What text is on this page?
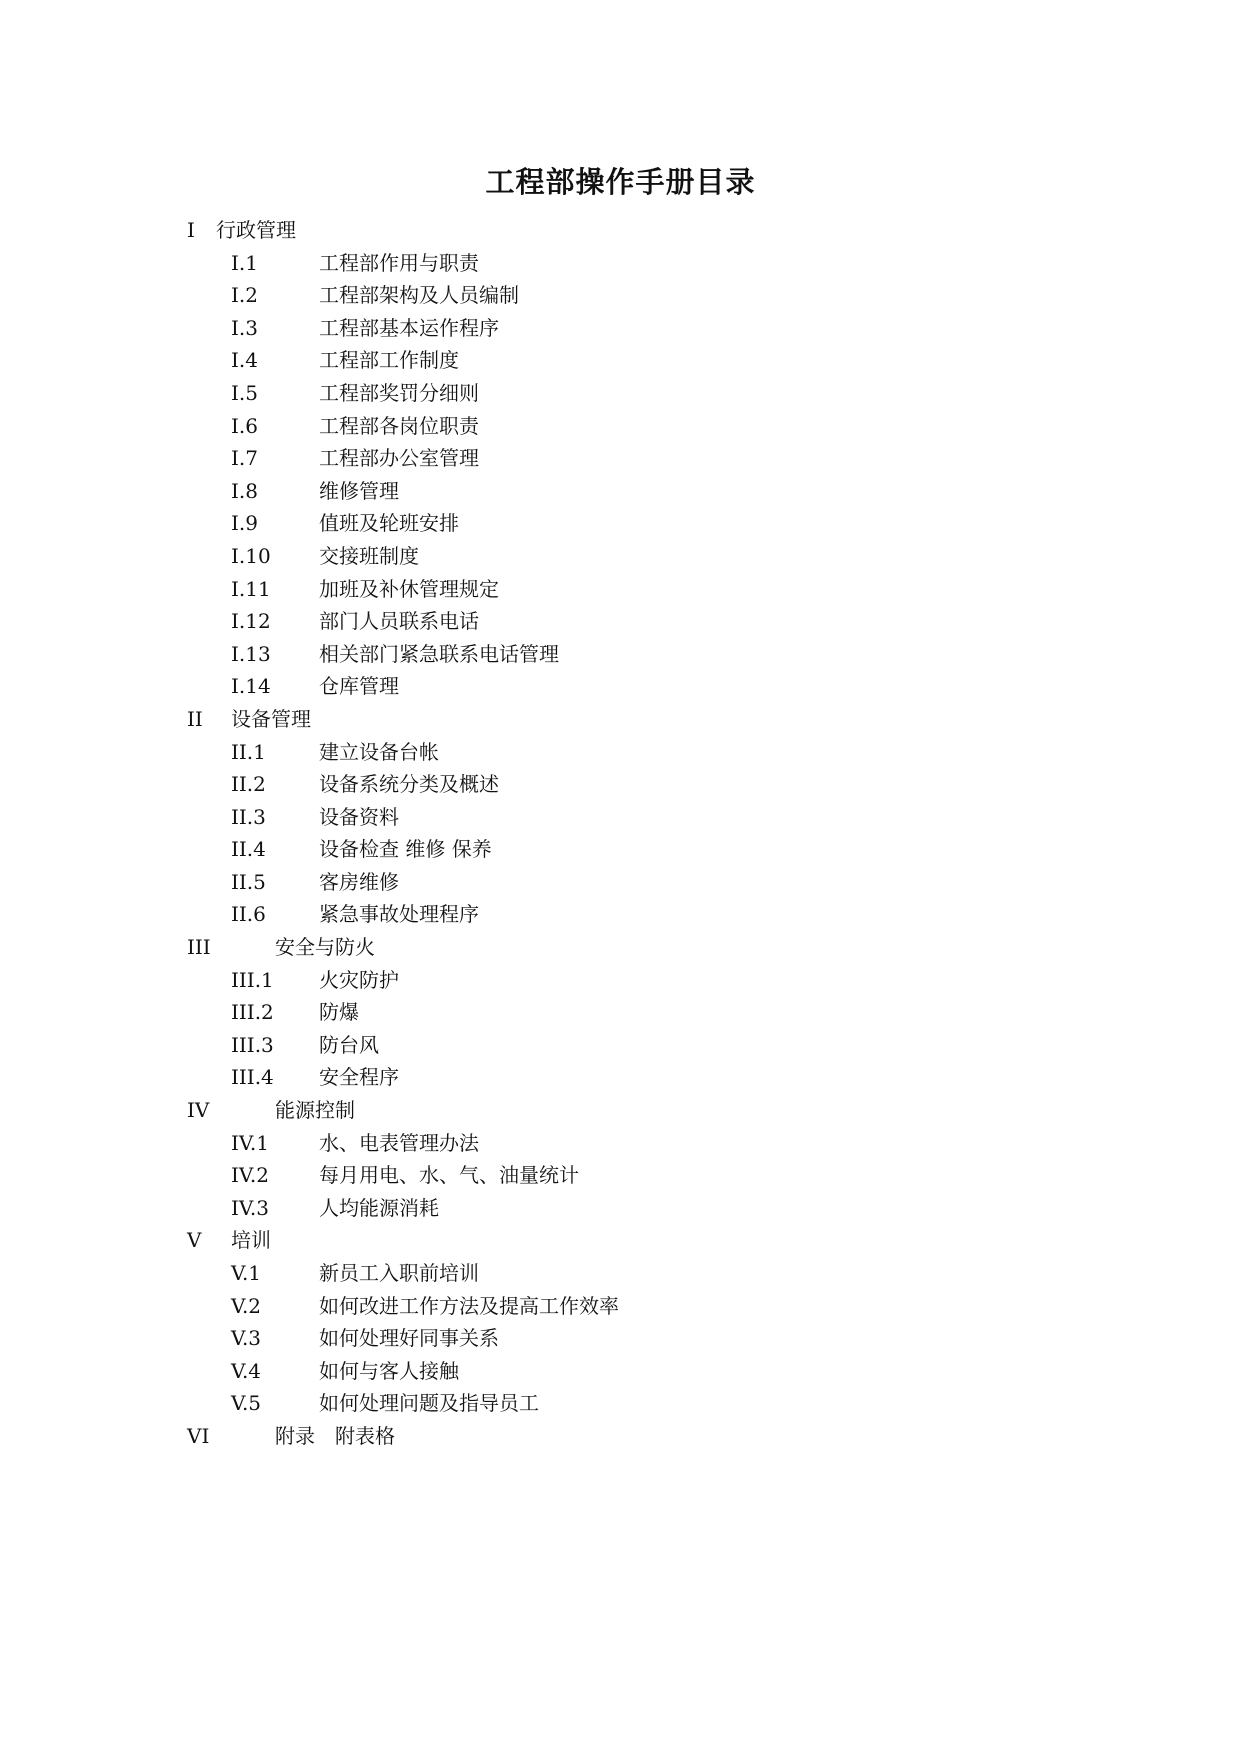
工程部操作手册目录
I 行政管理
I.1	工程部作用与职责
I.2	工程部架构及人员编制
I.3	工程部基本运作程序
I.4	工程部工作制度
I.5	工程部奖罚分细则
I.6	工程部各岗位职责
I.7	工程部办公室管理
I.8	维修管理
I.9	值班及轮班安排
I.10 交接班制度
I.11 加班及补休管理规定
I.12 部门人员联系电话
I.13 相关部门紧急联系电话管理
I.14 仓库管理
II 设备管理
II.1	建立设备台帐
II.2	设备系统分类及概述
II.3	设备资料
II.4	设备检查 维修 保养
II.5	客房维修
II.6	紧急事故处理程序
III	安全与防火
III.1 火灾防护
III.2 防爆
III.3 防台风
III.4 安全程序
IV	能源控制
IV.1	水、电表管理办法
IV.2	每月用电、水、气、油量统计
IV.3	人均能源消耗
V 培训
V.1	新员工入职前培训
V.2	如何改进工作方法及提高工作效率
V.3	如何处理好同事关系
V.4	如何与客人接触
V.5	如何处理问题及指导员工
VI	附录　附表格
